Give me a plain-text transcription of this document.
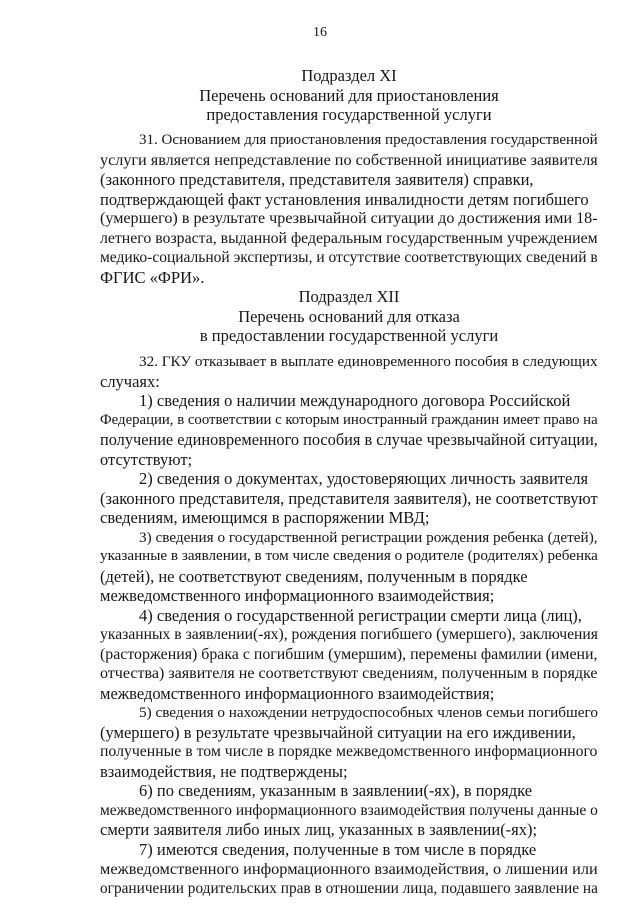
16
Подраздел XI
Перечень оснований для приостановления
предоставления государственной услуги
31. Основанием для приостановления предоставления государственной
услуги является непредставление по собственной инициативе заявителя
(законного представителя, представителя заявителя) справки,
подтверждающей факт установления инвалидности детям погибшего
(умершего) в результате чрезвычайной ситуации до достижения ими 18-
летнего возраста, выданной федеральным государственным учреждением
медико-социальной экспертизы, и отсутствие соответствующих сведений в
ФГИС «ФРИ».
Подраздел XII
Перечень оснований для отказа
в предоставлении государственной услуги
32. ГКУ отказывает в выплате единовременного пособия в следующих
случаях:
1) сведения о наличии международного договора Российской
Федерации, в соответствии с которым иностранный гражданин имеет право на
получение единовременного пособия в случае чрезвычайной ситуации,
отсутствуют;
2) сведения о документах, удостоверяющих личность заявителя
(законного представителя, представителя заявителя), не соответствуют
сведениям, имеющимся в распоряжении МВД;
3) сведения о государственной регистрации рождения ребенка (детей),
указанные в заявлении, в том числе сведения о родителе (родителях) ребенка
(детей), не соответствуют сведениям, полученным в порядке
межведомственного информационного взаимодействия;
4) сведения о государственной регистрации смерти лица (лиц),
указанных в заявлении(-ях), рождения погибшего (умершего), заключения
(расторжения) брака с погибшим (умершим), перемены фамилии (имени,
отчества) заявителя не соответствуют сведениям, полученным в порядке
межведомственного информационного взаимодействия;
5) сведения о нахождении нетрудоспособных членов семьи погибшего
(умершего) в результате чрезвычайной ситуации на его иждивении,
полученные в том числе в порядке межведомственного информационного
взаимодействия, не подтверждены;
6) по сведениям, указанным в заявлении(-ях), в порядке
межведомственного информационного взаимодействия получены данные о
смерти заявителя либо иных лиц, указанных в заявлении(-ях);
7) имеются сведения, полученные в том числе в порядке
межведомственного информационного взаимодействия, о лишении или
ограничении родительских прав в отношении лица, подавшего заявление на
